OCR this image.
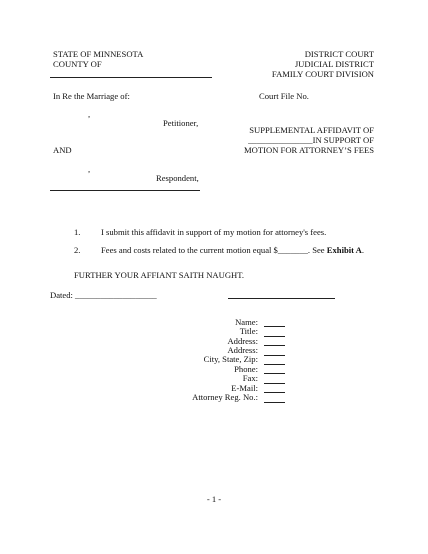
STATE OF MINNESOTA
COUNTY OF
DISTRICT COURT
JUDICIAL DISTRICT
FAMILY COURT DIVISION
In Re the Marriage of:	Court File No.
,
Petitioner,
SUPPLEMENTAL AFFIDAVIT OF
_______________IN SUPPORT OF
MOTION FOR ATTORNEY’S FEES
AND
,
Respondent,
1. I submit this affidavit in support of my motion for attorney's fees.
2. Fees and costs related to the current motion equal $_______. See Exhibit A.
FURTHER YOUR AFFIANT SAITH NAUGHT.
Dated: ___________________
Name:
Title:
Address:
Address:
City, State, Zip:
Phone:
Fax:
E-Mail:
Attorney Reg. No.:
- 1 -
